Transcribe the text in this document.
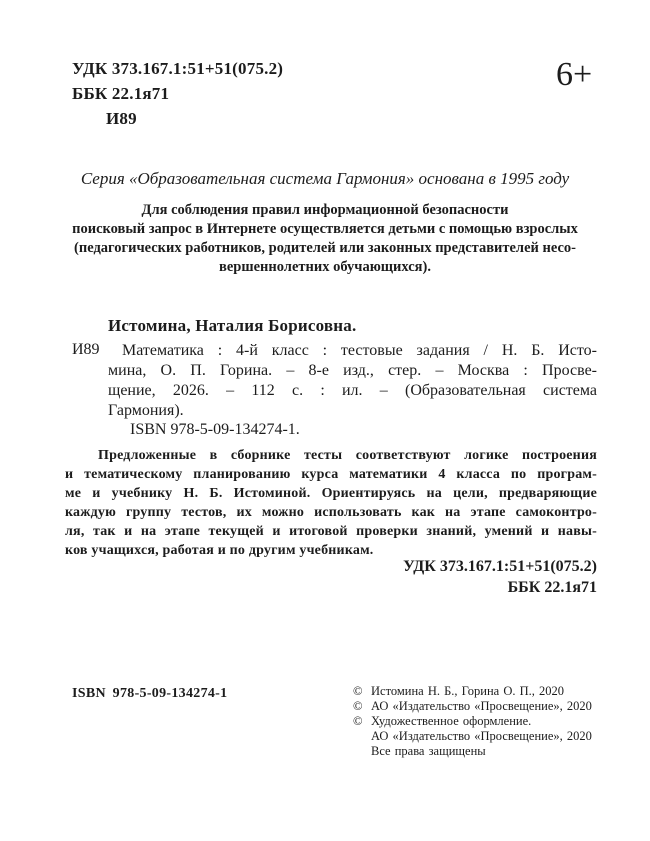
УДК 373.167.1:51+51(075.2)
ББК 22.1я71
И89
6+
Серия «Образовательная система Гармония» основана в 1995 году
Для соблюдения правил информационной безопасности
поисковый запрос в Интернете осуществляется детьми с помощью взрослых
(педагогических работников, родителей или законных представителей несо-
вершеннолетних обучающихся).
Истомина, Наталия Борисовна.
И89	Математика : 4-й класс : тестовые задания / Н. Б. Исто-
мина, О. П. Горина. – 8-е изд., стер. – Москва : Просве-
щение, 2026. – 112 с. : ил. – (Образовательная система
Гармония).
ISBN 978-5-09-134274-1.
Предложенные в сборнике тесты соответствуют логике построения
и тематическому планированию курса математики 4 класса по програм-
ме и учебнику Н. Б. Истоминой. Ориентируясь на цели, предваряющие
каждую группу тестов, их можно использовать как на этапе самоконтро-
ля, так и на этапе текущей и итоговой проверки знаний, умений и навы-
ков учащихся, работая и по другим учебникам.
УДК 373.167.1:51+51(075.2)
ББК 22.1я71
ISBN 978-5-09-134274-1	© Истомина Н. Б., Горина О. П., 2020
© АО «Издательство «Просвещение», 2020
© Художественное оформление.
АО «Издательство «Просвещение», 2020
Все права защищены
